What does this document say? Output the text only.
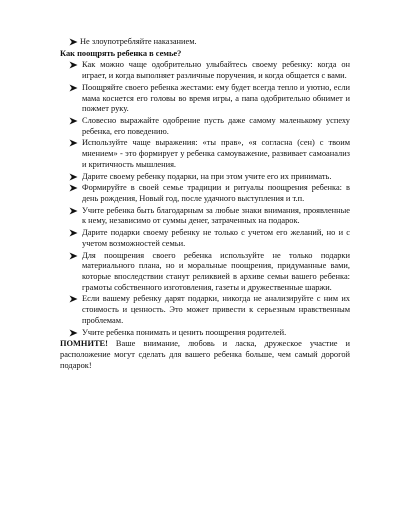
Не злоупотребляйте наказанием.
Как поощрять ребенка в семье?
Как можно чаще одобрительно улыбайтесь своему ребенку: когда он играет, и когда выполняет различные поручения, и когда общается с вами.
Поощряйте своего ребенка жестами: ему будет всегда тепло и уютно, если мама коснется его головы во время игры, а папа одобрительно обнимет и пожмет руку.
Словесно выражайте одобрение пусть даже самому маленькому успеху ребенка, его поведению.
Используйте чаще выражения: «ты прав», «я согласна (сен) с твоим мнением» - это формирует у ребенка самоуважение, развивает самоанализ и критичность мышления.
Дарите своему ребенку подарки, на при этом учите его их принимать.
Формируйте в своей семье традиции и ритуалы поощрения ребенка: в день рождения, Новый год, после удачного выступления и т.п.
Учите ребенка быть благодарным за любые знаки внимания, проявленные к нему, независимо от суммы денег, затраченных на подарок.
Дарите подарки своему ребенку не только с учетом его желаний, но и с учетом возможностей семьи.
Для поощрения своего ребенка используйте не только подарки материального плана, но и моральные поощрения, придуманные вами, которые впоследствии станут реликвией в архиве семьи вашего ребенка: грамоты собственного изготовления, газеты и дружественные шаржи.
Если вашему ребенку дарят подарки, никогда не анализируйте с ним их стоимость и ценность. Это может привести к серьезным нравственным проблемам.
Учите ребенка понимать и ценить поощрения родителей.
ПОМНИТЕ! Ваше внимание, любовь и ласка, дружеское участие и расположение могут сделать для вашего ребенка больше, чем самый дорогой подарок!
